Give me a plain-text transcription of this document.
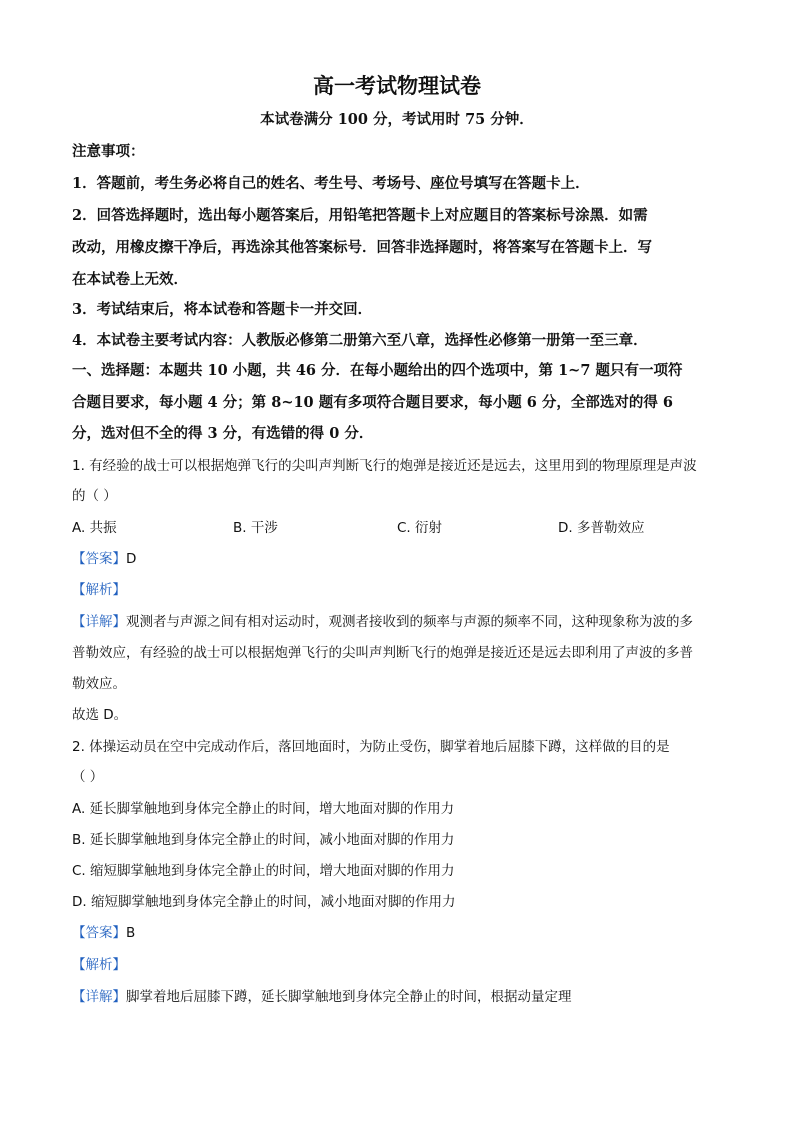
高一考试物理试卷
本试卷满分 100 分，考试用时 75 分钟．
注意事项：
1．答题前，考生务必将自己的姓名、考生号、考场号、座位号填写在答题卡上．
2．回答选择题时，选出每小题答案后，用铅笔把答题卡上对应题目的答案标号涂黑．如需
改动，用橡皮擦干净后，再选涂其他答案标号．回答非选择题时，将答案写在答题卡上．写
在本试卷上无效．
3．考试结束后，将本试卷和答题卡一并交回．
4．本试卷主要考试内容：人教版必修第二册第六至八章，选择性必修第一册第一至三章．
一、选择题：本题共 10 小题，共 46 分．在每小题给出的四个选项中，第 1~7 题只有一项符
合题目要求，每小题 4 分；第 8~10 题有多项符合题目要求，每小题 6 分，全部选对的得 6
分，选对但不全的得 3 分，有选错的得 0 分．
1. 有经验的战士可以根据炮弹飞行的尖叫声判断飞行的炮弹是接近还是远去，这里用到的物理原理是声波
的（ ）
A. 共振	B. 干涉	C. 衍射	D. 多普勒效应
【答案】D
【解析】
【详解】观测者与声源之间有相对运动时，观测者接收到的频率与声源的频率不同，这种现象称为波的多
普勒效应，有经验的战士可以根据炮弹飞行的尖叫声判断飞行的炮弹是接近还是远去即利用了声波的多普
勒效应。
故选 D。
2. 体操运动员在空中完成动作后，落回地面时，为防止受伤，脚掌着地后屈膝下蹲，这样做的目的是
（ ）
A. 延长脚掌触地到身体完全静止的时间，增大地面对脚的作用力
B. 延长脚掌触地到身体完全静止的时间，减小地面对脚的作用力
C. 缩短脚掌触地到身体完全静止的时间，增大地面对脚的作用力
D. 缩短脚掌触地到身体完全静止的时间，减小地面对脚的作用力
【答案】B
【解析】
【详解】脚掌着地后屈膝下蹲，延长脚掌触地到身体完全静止的时间，根据动量定理
